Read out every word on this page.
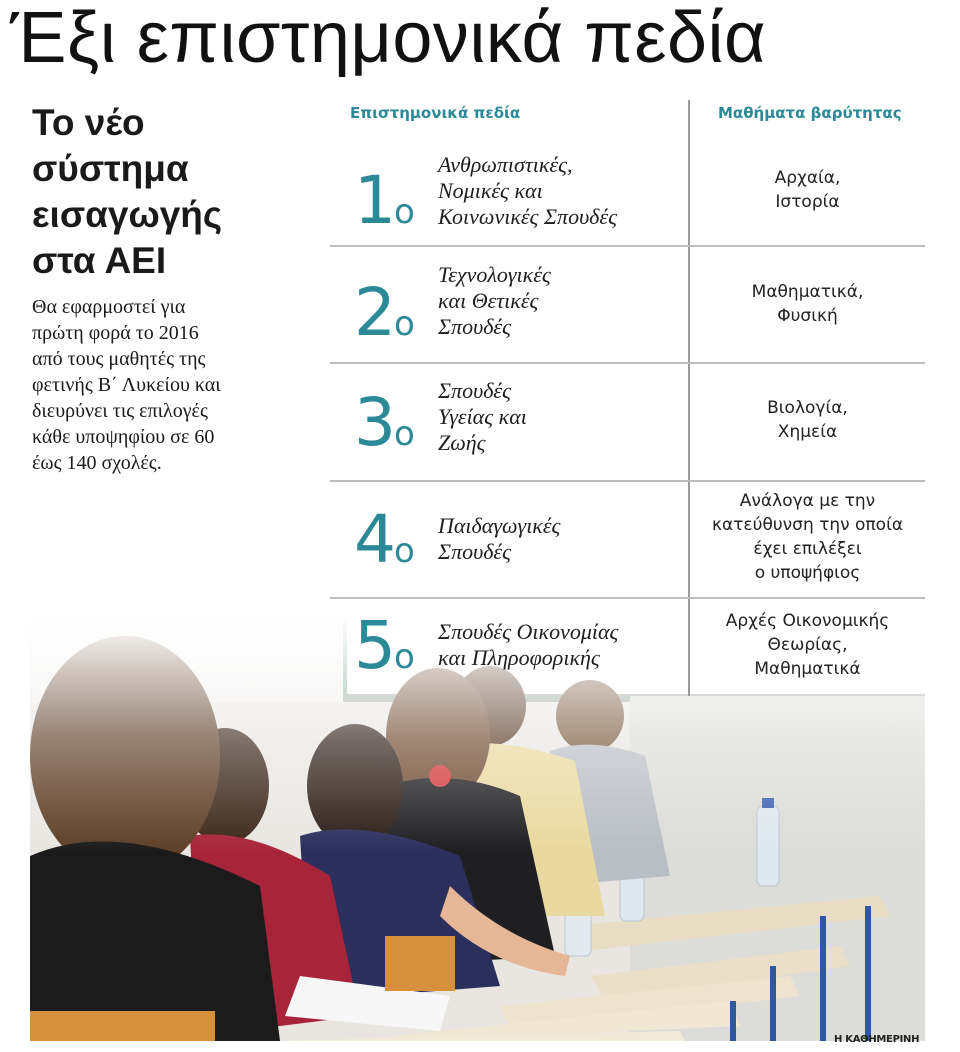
Έξι επιστημονικά πεδία
Το νέο
σύστημα
εισαγωγής
στα ΑΕΙ
Θα εφαρμοστεί για
πρώτη φορά το 2016
από τους μαθητές της
φετινής Β΄ Λυκείου και
διευρύνει τις επιλογές
κάθε υποψηφίου σε 60
έως 140 σχολές.
Επιστημονικά πεδία	Μαθήματα βαρύτητας
1ο
Ανθρωπιστικές,
Νομικές και
Κοινωνικές Σπουδές
Αρχαία,
Ιστορία
2ο
Τεχνολογικές
και Θετικές
Σπουδές
Μαθηματικά,
Φυσική
3ο
Σπουδές
Υγείας και
Ζωής
Βιολογία,
Χημεία
4ο
Παιδαγωγικές
Σπουδές
Ανάλογα με την
κατεύθυνση την οποία
έχει επιλέξει
ο υποψήφιος
5ο
Σπουδές Οικονομίας
και Πληροφορικής
Αρχές Οικονομικής
Θεωρίας,
Μαθηματικά
Η ΚΑΘΗΜΕΡΙΝΗ
